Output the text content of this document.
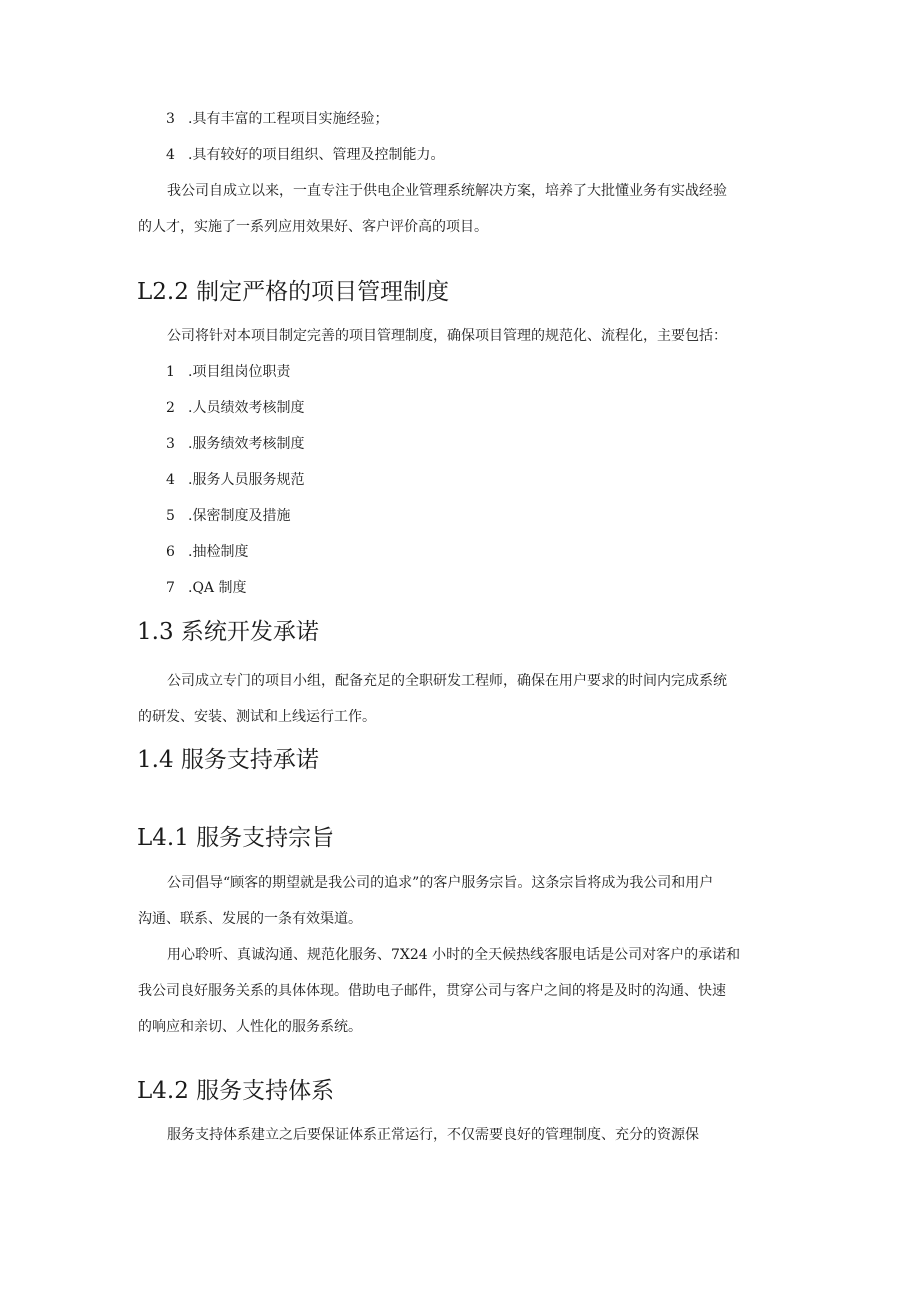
3 .具有丰富的工程项目实施经验；
4 .具有较好的项目组织、管理及控制能力。
我公司自成立以来，一直专注于供电企业管理系统解决方案，培养了大批懂业务有实战经验
的人才，实施了一系列应用效果好、客户评价高的项目。
L2.2 制定严格的项目管理制度
公司将针对本项目制定完善的项目管理制度，确保项目管理的规范化、流程化，主要包括：
1 .项目组岗位职责
2 .人员绩效考核制度
3 .服务绩效考核制度
4 .服务人员服务规范
5 .保密制度及措施
6 .抽检制度
7 .QA 制度
1.3 系统开发承诺
公司成立专门的项目小组，配备充足的全职研发工程师，确保在用户要求的时间内完成系统
的研发、安装、测试和上线运行工作。
1.4 服务支持承诺
L4.1 服务支持宗旨
公司倡导“顾客的期望就是我公司的追求”的客户服务宗旨。这条宗旨将成为我公司和用户
沟通、联系、发展的一条有效渠道。
用心聆听、真诚沟通、规范化服务、7X24 小时的全天候热线客服电话是公司对客户的承诺和
我公司良好服务关系的具体体现。借助电子邮件，贯穿公司与客户之间的将是及时的沟通、快速
的响应和亲切、人性化的服务系统。
L4.2 服务支持体系
服务支持体系建立之后要保证体系正常运行，不仅需要良好的管理制度、充分的资源保
